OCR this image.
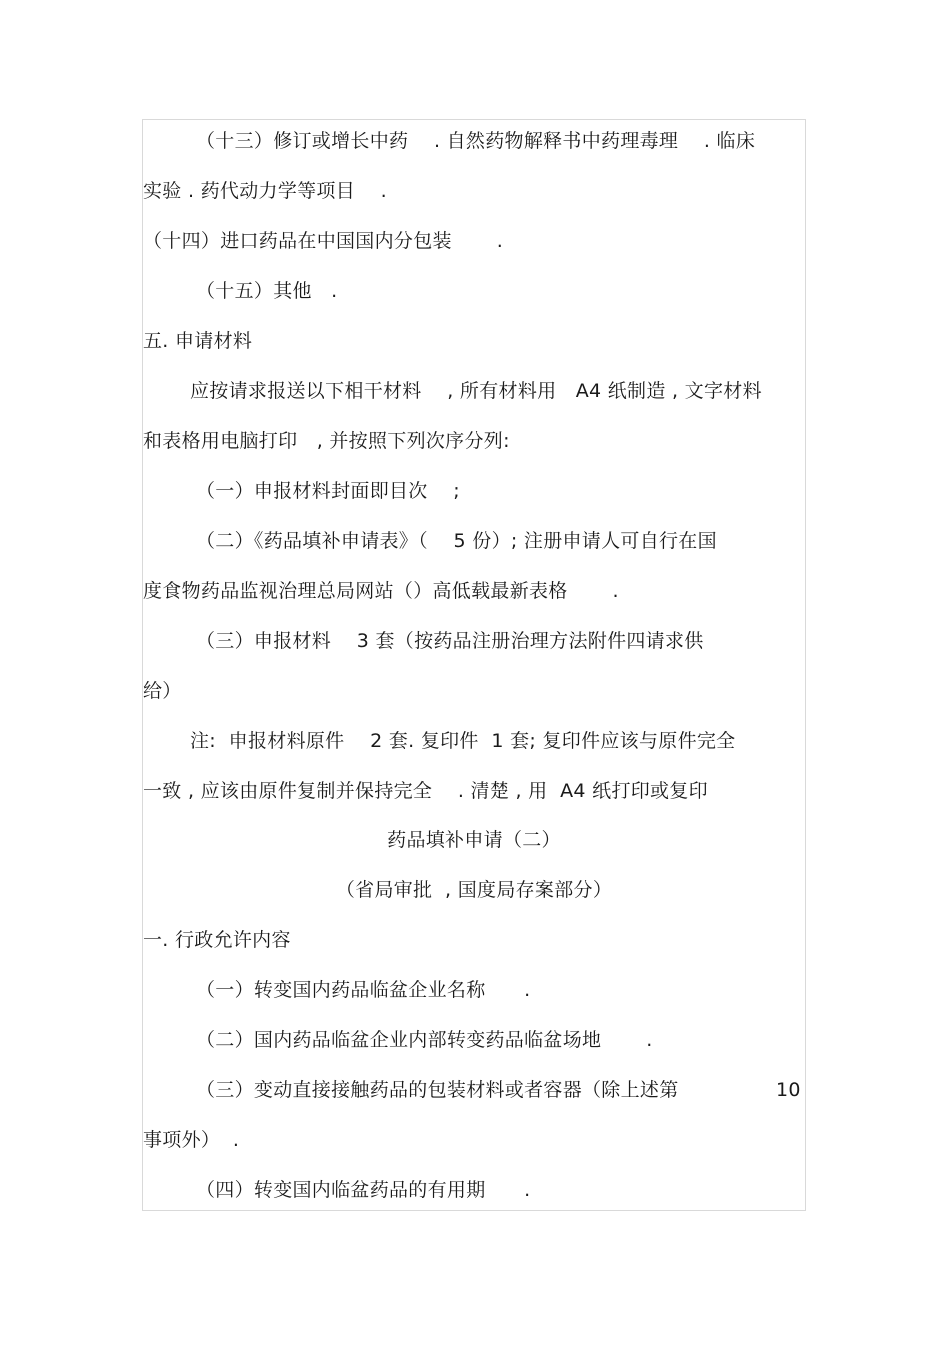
（十三）修订或增长中药　 . 自然药物解释书中药理毒理　 . 临床
实验 . 药代动力学等项目　 .
（十四）进口药品在中国国内分包装　　 .
（十五）其他　.
五. 申请材料
应按请求报送以下相干材料　 , 所有材料用　A4 纸制造 , 文字材料
和表格用电脑打印　, 并按照下列次序分列:
（一）申报材料封面即目次　 ;
（二）《药品填补申请表》（　 5 份）; 注册申请人可自行在国
度食物药品监视治理总局网站（）高低载最新表格　　 .
（三）申报材料　 3 套（按药品注册治理方法附件四请求供
给）
注:  申报材料原件　 2 套. 复印件  1 套; 复印件应该与原件完全
一致 , 应该由原件复制并保持完全　 . 清楚 , 用  A4 纸打印或复印
药品填补申请（二）
（省局审批  , 国度局存案部分）
一. 行政允许内容
（一）转变国内药品临盆企业名称　　.
（二）国内药品临盆企业内部转变药品临盆场地　　 .
（三）变动直接接触药品的包装材料或者容器（除上述第	10
事项外）  .
（四）转变国内临盆药品的有用期　　.
